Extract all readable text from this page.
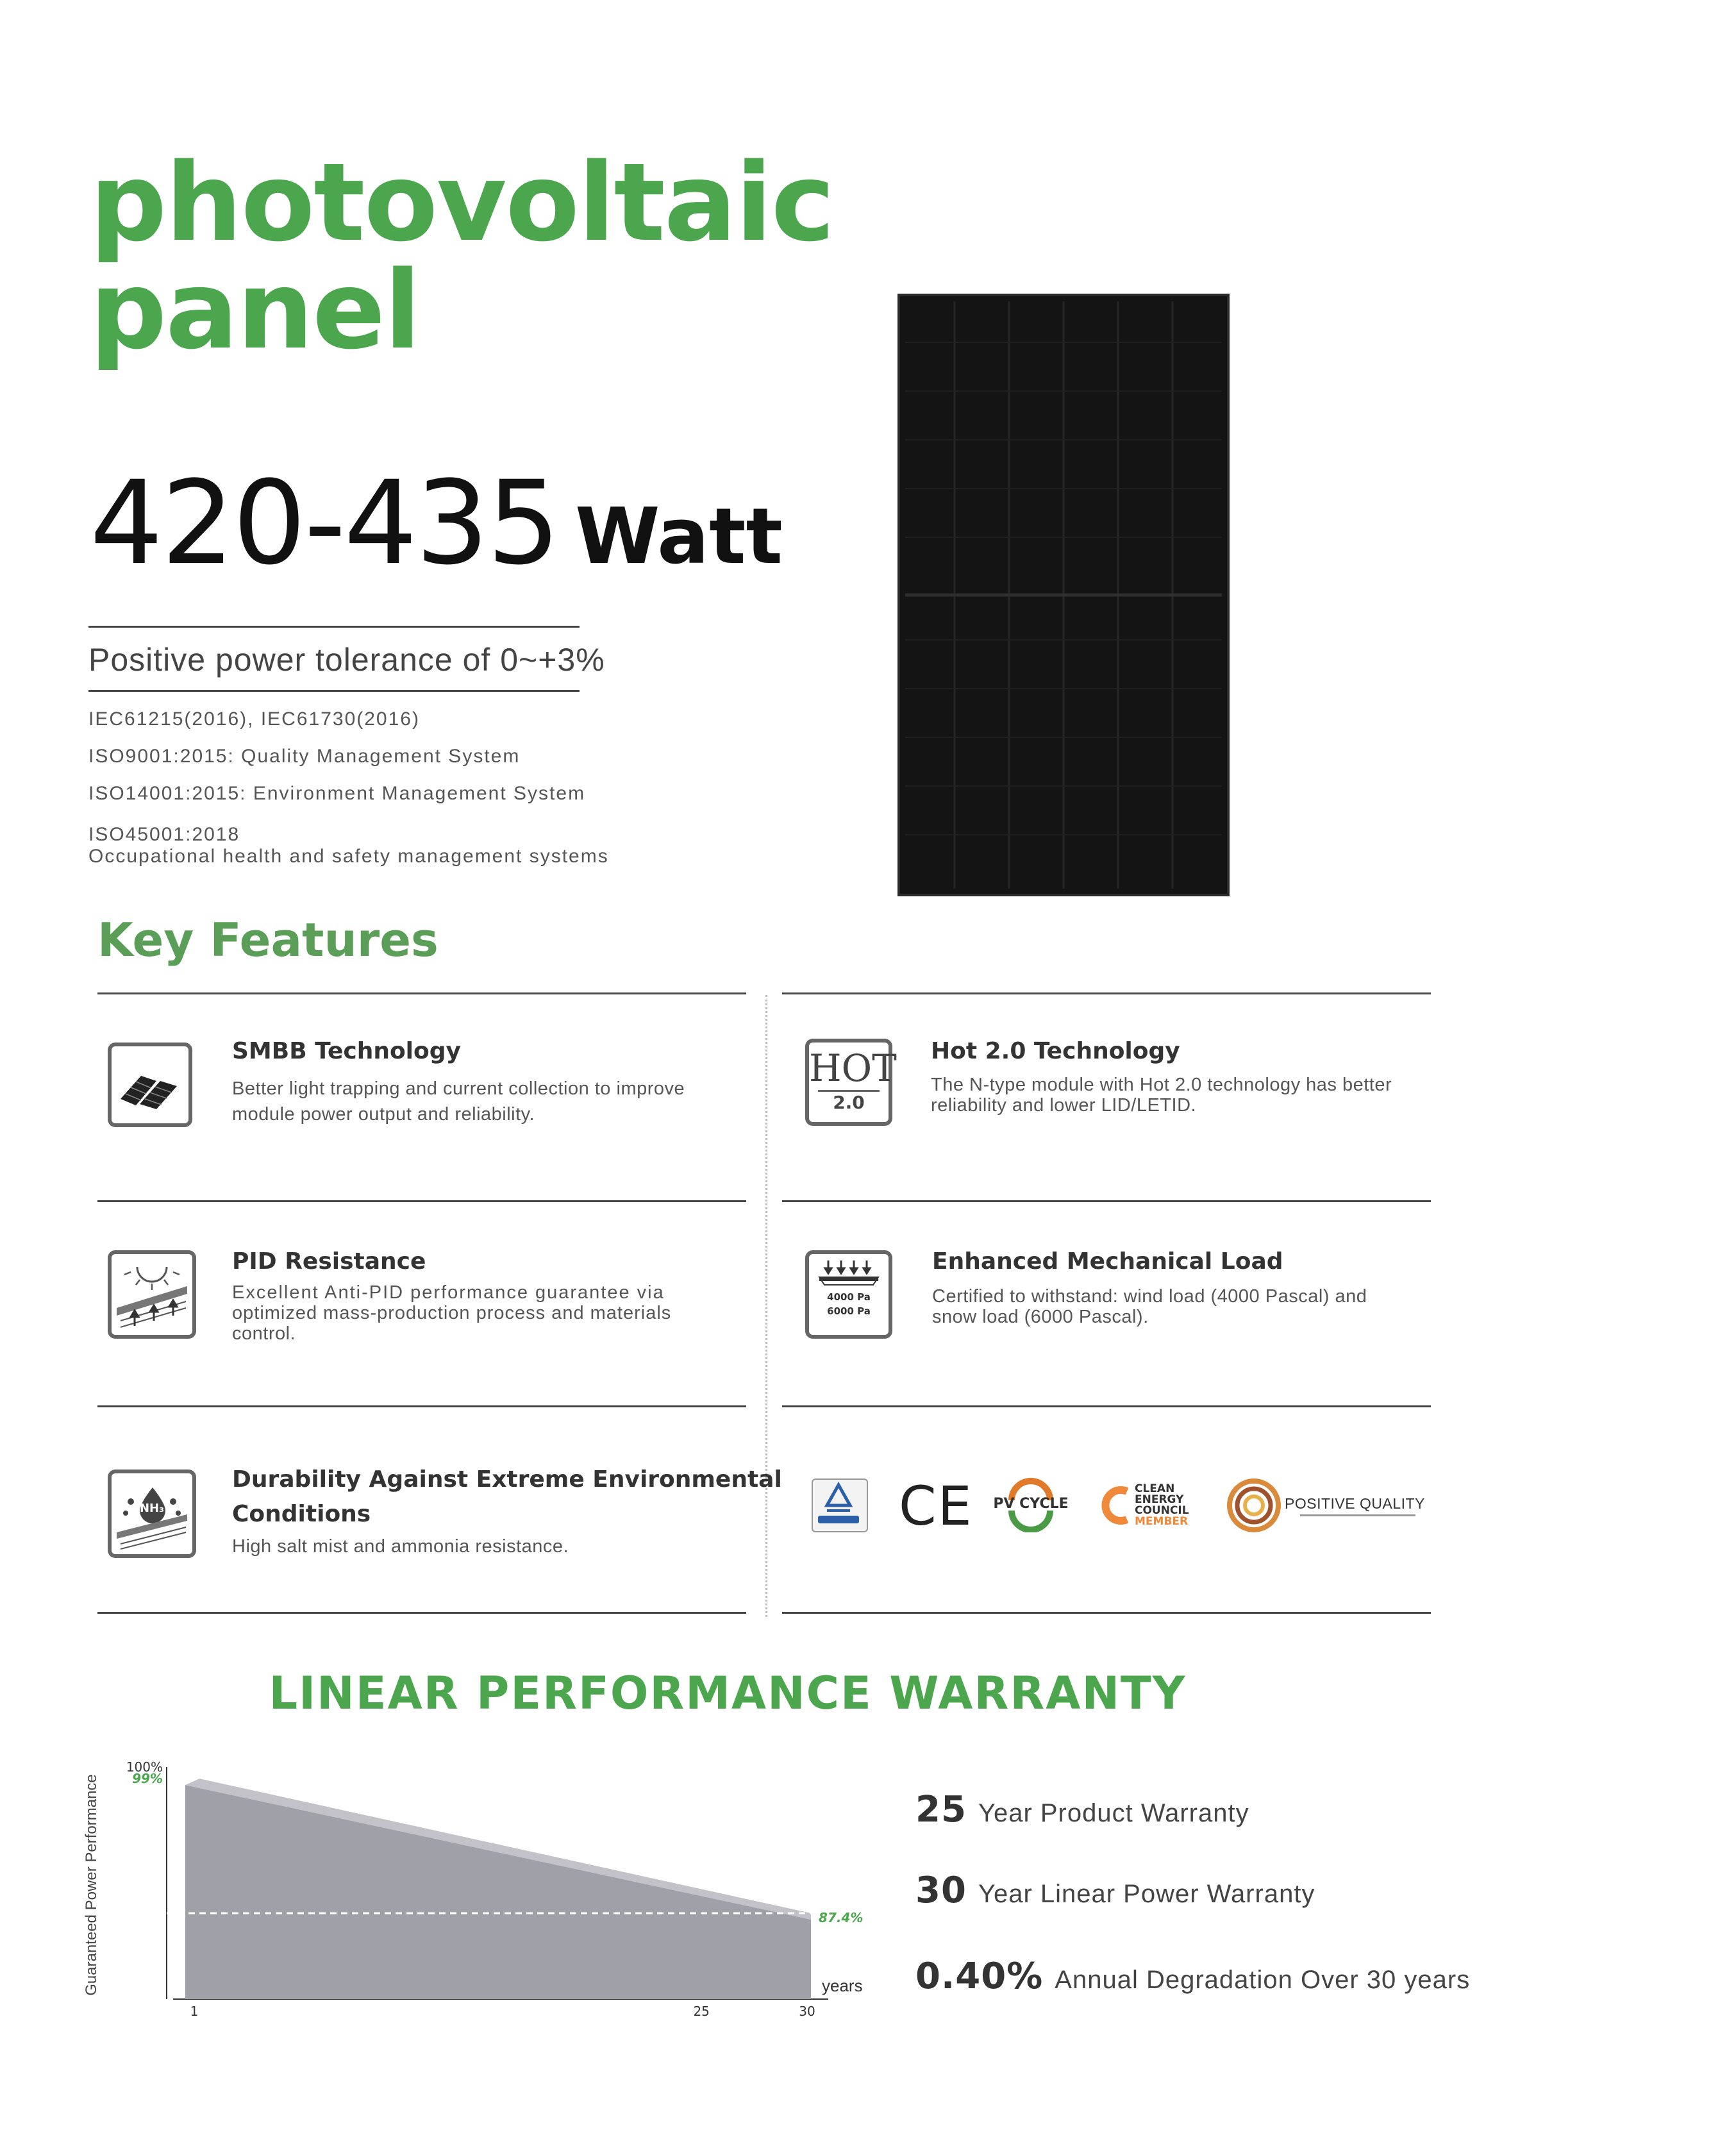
photovoltaic
panel
420-435 Watt
Positive power tolerance of 0~+3%
IEC61215(2016), IEC61730(2016)
ISO9001:2015: Quality Management System
ISO14001:2015: Environment Management System
ISO45001:2018
Occupational health and safety management systems
Key Features
SMBB Technology
Better light trapping and current collection to improve
module power output and reliability.
HOT
2.0
Hot 2.0 Technology
The N-type module with Hot 2.0 technology has better
reliability and lower LID/LETID.
PID Resistance
Excellent Anti-PID performance guarantee via
optimized mass-production process and materials
control.
4000 Pa
6000 Pa
Enhanced Mechanical Load
Certified to withstand: wind load (4000 Pascal) and
snow load (6000 Pascal).
NH₃
Durability Against Extreme Environmental
Conditions
High salt mist and ammonia resistance.
CE PV CYCLE
CLEAN
ENERGY
COUNCIL
MEMBER
POSITIVE QUALITY
LINEAR PERFORMANCE WARRANTY
100%
99%
87.4%
1	25	30
years
Guaranteed Power Performance	25 Year Product Warranty
30 Year Linear Power Warranty
0.40% Annual Degradation Over 30 years
